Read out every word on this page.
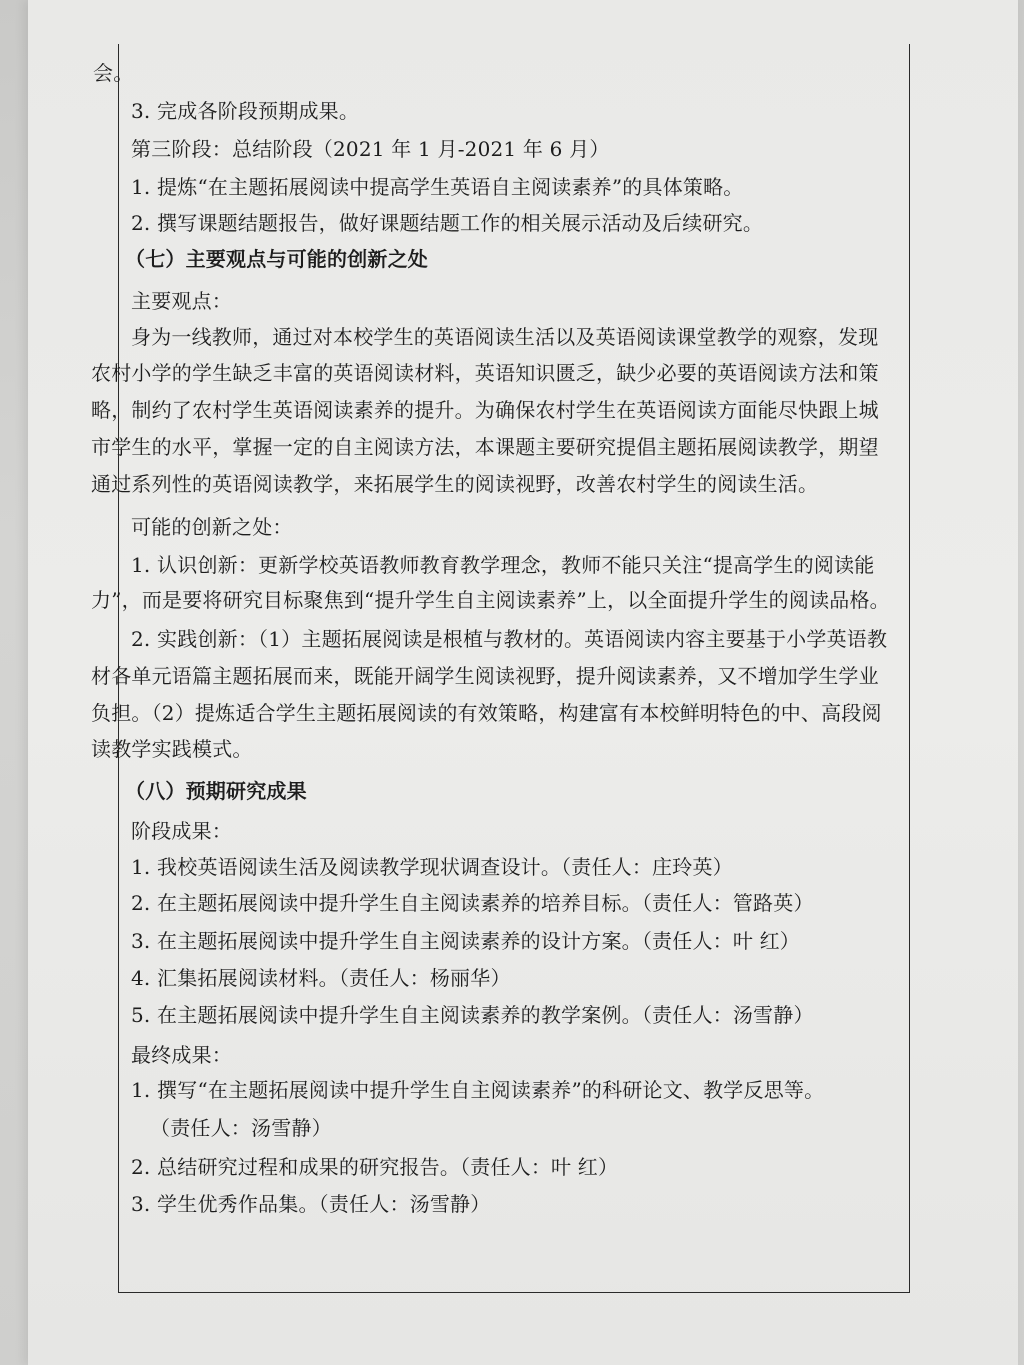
会。
3. 完成各阶段预期成果。
第三阶段：总结阶段（2021 年 1 月-2021 年 6 月）
1. 提炼“在主题拓展阅读中提高学生英语自主阅读素养”的具体策略。
2. 撰写课题结题报告，做好课题结题工作的相关展示活动及后续研究。
（七）主要观点与可能的创新之处
主要观点：
身为一线教师，通过对本校学生的英语阅读生活以及英语阅读课堂教学的观察，发现
农村小学的学生缺乏丰富的英语阅读材料，英语知识匮乏，缺少必要的英语阅读方法和策
略，制约了农村学生英语阅读素养的提升。为确保农村学生在英语阅读方面能尽快跟上城
市学生的水平，掌握一定的自主阅读方法，本课题主要研究提倡主题拓展阅读教学，期望
通过系列性的英语阅读教学，来拓展学生的阅读视野，改善农村学生的阅读生活。
可能的创新之处：
1. 认识创新：更新学校英语教师教育教学理念，教师不能只关注“提高学生的阅读能
力”，而是要将研究目标聚焦到“提升学生自主阅读素养”上，以全面提升学生的阅读品格。
2. 实践创新：（1）主题拓展阅读是根植与教材的。英语阅读内容主要基于小学英语教
材各单元语篇主题拓展而来，既能开阔学生阅读视野，提升阅读素养，又不增加学生学业
负担。（2）提炼适合学生主题拓展阅读的有效策略，构建富有本校鲜明特色的中、高段阅
读教学实践模式。
（八）预期研究成果
阶段成果：
1. 我校英语阅读生活及阅读教学现状调查设计。（责任人：庄玲英）
2. 在主题拓展阅读中提升学生自主阅读素养的培养目标。（责任人：管路英）
3. 在主题拓展阅读中提升学生自主阅读素养的设计方案。（责任人：叶 红）
4. 汇集拓展阅读材料。（责任人：杨丽华）
5. 在主题拓展阅读中提升学生自主阅读素养的教学案例。（责任人：汤雪静）
最终成果：
1. 撰写“在主题拓展阅读中提升学生自主阅读素养”的科研论文、教学反思等。
（责任人：汤雪静）
2. 总结研究过程和成果的研究报告。（责任人：叶 红）
3. 学生优秀作品集。（责任人：汤雪静）
